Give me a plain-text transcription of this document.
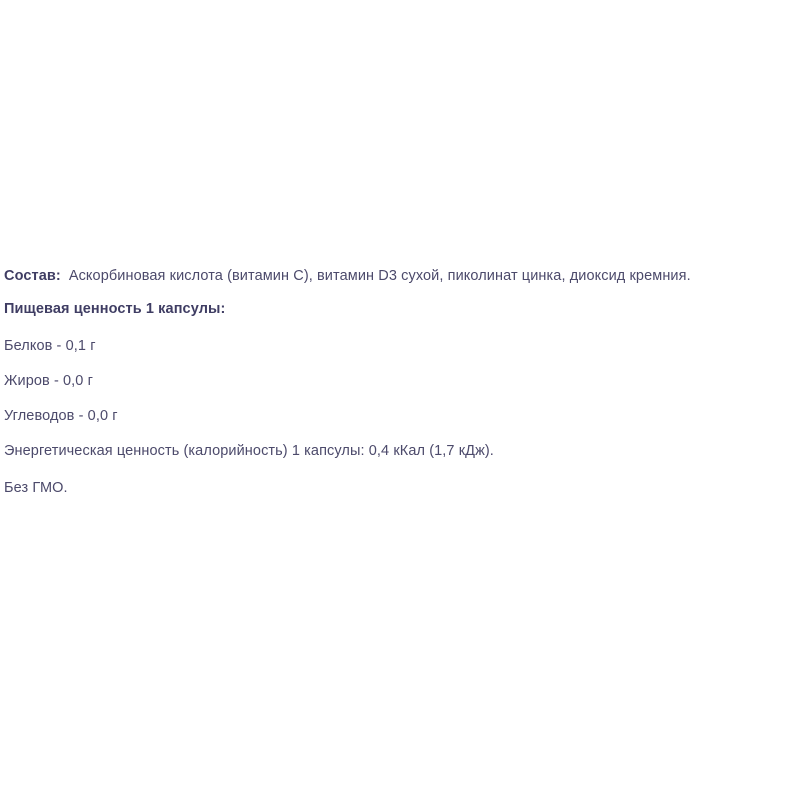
Состав: Аскорбиновая кислота (витамин C), витамин D3 сухой, пиколинат цинка, диоксид кремния.
Пищевая ценность 1 капсулы:
Белков - 0,1 г
Жиров - 0,0 г
Углеводов - 0,0 г
Энергетическая ценность (калорийность) 1 капсулы: 0,4 кКал (1,7 кДж).
Без ГМО.
